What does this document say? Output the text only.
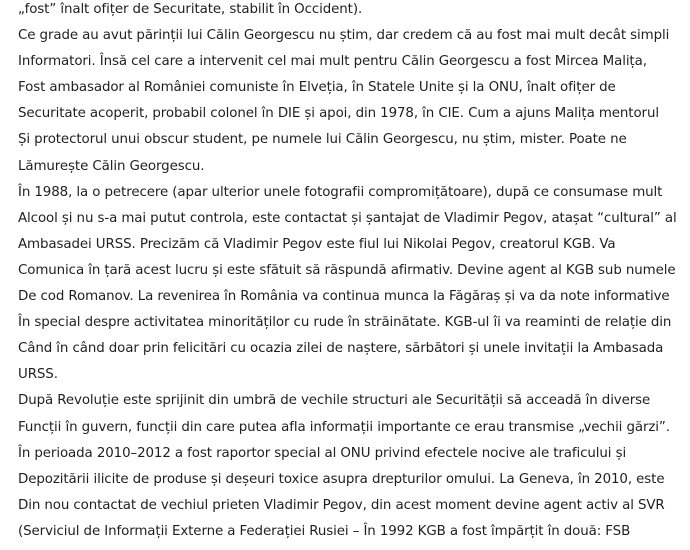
„fost” înalt ofițer de Securitate, stabilit în Occident).
Ce grade au avut părinții lui Călin Georgescu nu știm, dar credem că au fost mai mult decât simpli
Informatori. Însă cel care a intervenit cel mai mult pentru Călin Georgescu a fost Mircea Malița,
Fost ambasador al României comuniste în Elveția, în Statele Unite și la ONU, înalt ofițer de
Securitate acoperit, probabil colonel în DIE și apoi, din 1978, în CIE. Cum a ajuns Malița mentorul
Și protectorul unui obscur student, pe numele lui Călin Georgescu, nu știm, mister. Poate ne
Lămurește Călin Georgescu.
În 1988, la o petrecere (apar ulterior unele fotografii compromițătoare), după ce consumase mult
Alcool și nu s-a mai putut controla, este contactat și șantajat de Vladimir Pegov, atașat “cultural” al
Ambasadei URSS. Precizăm că Vladimir Pegov este fiul lui Nikolai Pegov, creatorul KGB. Va
Comunica în țară acest lucru și este sfătuit să răspundă afirmativ. Devine agent al KGB sub numele
De cod Romanov. La revenirea în România va continua munca la Făgăraș și va da note informative
În special despre activitatea minorităților cu rude în străinătate. KGB-ul îi va reaminti de relație din
Când în când doar prin felicitări cu ocazia zilei de naștere, sărbători și unele invitații la Ambasada
URSS.
După Revoluție este sprijinit din umbră de vechile structuri ale Securității să acceadă în diverse
Funcții în guvern, funcții din care putea afla informații importante ce erau transmise „vechii gărzi”.
În perioada 2010–2012 a fost raportor special al ONU privind efectele nocive ale traficului și
Depozitării ilicite de produse și deșeuri toxice asupra drepturilor omului. La Geneva, în 2010, este
Din nou contactat de vechiul prieten Vladimir Pegov, din acest moment devine agent activ al SVR
(Serviciul de Informații Externe a Federației Rusiei – În 1992 KGB a fost împărțit în două: FSB
